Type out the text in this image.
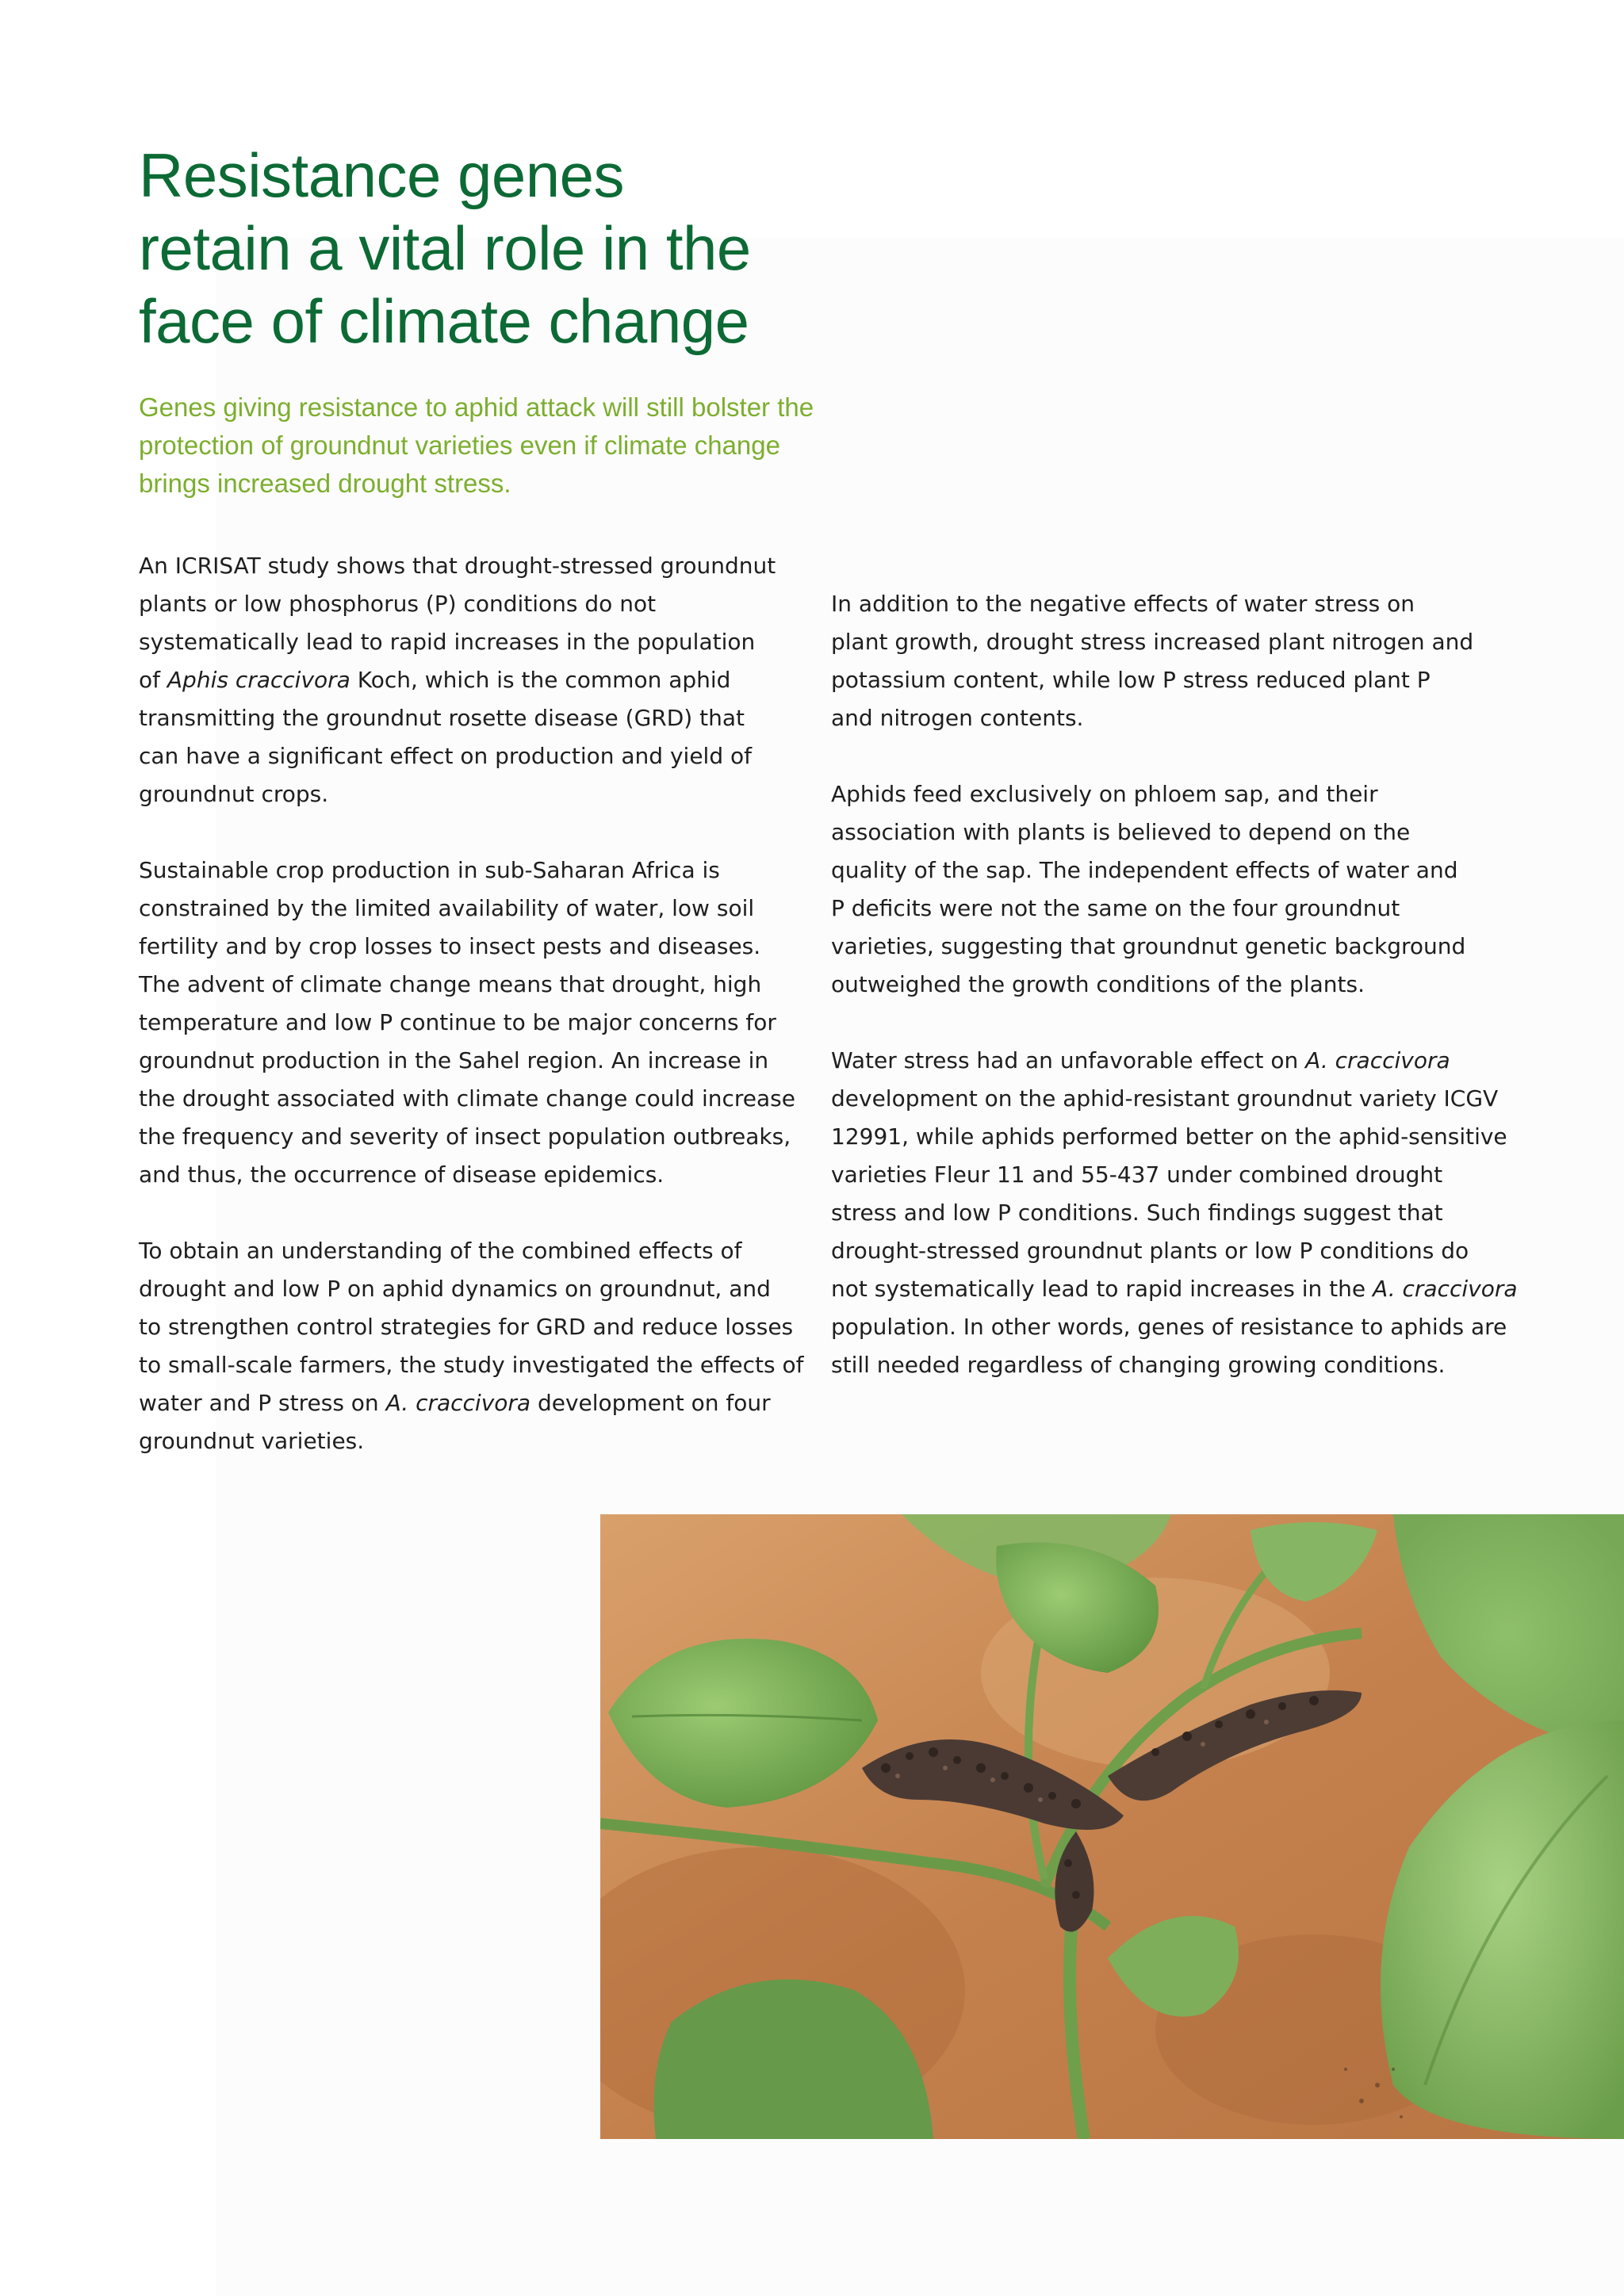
Resistance genes
retain a vital role in the
face of climate change

Genes giving resistance to aphid attack will still bolster the
protection of groundnut varieties even if climate change
brings increased drought stress.

An ICRISAT study shows that drought-stressed groundnut
plants or low phosphorus (P) conditions do not
systematically lead to rapid increases in the population
of Aphis craccivora Koch, which is the common aphid
transmitting the groundnut rosette disease (GRD) that
can have a significant effect on production and yield of
groundnut crops.

Sustainable crop production in sub-Saharan Africa is
constrained by the limited availability of water, low soil
fertility and by crop losses to insect pests and diseases.
The advent of climate change means that drought, high
temperature and low P continue to be major concerns for
groundnut production in the Sahel region. An increase in
the drought associated with climate change could increase
the frequency and severity of insect population outbreaks,
and thus, the occurrence of disease epidemics.

To obtain an understanding of the combined effects of
drought and low P on aphid dynamics on groundnut, and
to strengthen control strategies for GRD and reduce losses
to small-scale farmers, the study investigated the effects of
water and P stress on A. craccivora development on four
groundnut varieties.

In addition to the negative effects of water stress on
plant growth, drought stress increased plant nitrogen and
potassium content, while low P stress reduced plant P
and nitrogen contents.

Aphids feed exclusively on phloem sap, and their
association with plants is believed to depend on the
quality of the sap. The independent effects of water and
P deficits were not the same on the four groundnut
varieties, suggesting that groundnut genetic background
outweighed the growth conditions of the plants.

Water stress had an unfavorable effect on A. craccivora
development on the aphid-resistant groundnut variety ICGV
12991, while aphids performed better on the aphid-sensitive
varieties Fleur 11 and 55-437 under combined drought
stress and low P conditions. Such findings suggest that
drought-stressed groundnut plants or low P conditions do
not systematically lead to rapid increases in the A. craccivora
population. In other words, genes of resistance to aphids are
still needed regardless of changing growing conditions.
